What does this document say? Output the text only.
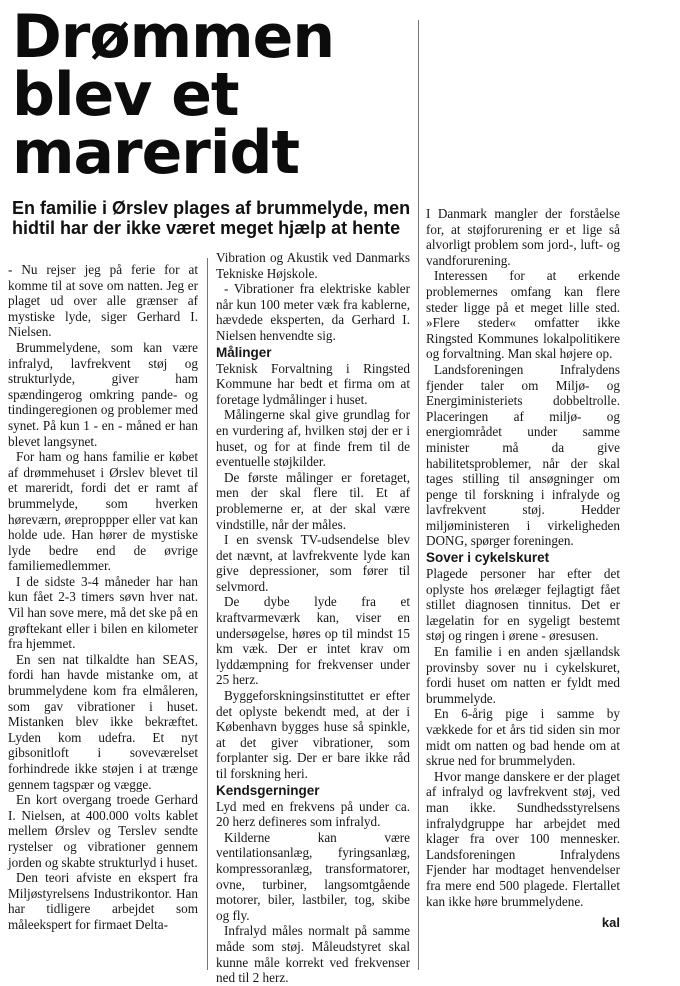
Drømmen
blev et
mareridt
En familie i Ørslev plages af brummelyde, men hidtil har der ikke været meget hjælp at hente

- Nu rejser jeg på ferie for at komme til at sove om natten. Jeg er plaget ud over alle grænser af mystiske lyde, siger Gerhard I. Nielsen.

Brummelydene, som kan være infralyd, lavfrekvent støj og strukturlyde, giver ham spændingerog omkring pande- og tindingeregionen og problemer med synet. På kun 1 - en - måned er han blevet langsynet.

For ham og hans familie er købet af drømmehuset i Ørslev blevet til et mareridt, fordi det er ramt af brummelyde, som hverken høreværn, øreproppper eller vat kan holde ude. Han hører de mystiske lyde bedre end de øvrige familiemedlemmer.

I de sidste 3-4 måneder har han kun fået 2-3 timers søvn hver nat. Vil han sove mere, må det ske på en grøftekant eller i bilen en kilometer fra hjemmet.

En sen nat tilkaldte han SEAS, fordi han havde mistanke om, at brummelydene kom fra elmåleren, som gav vibrationer i huset. Mistanken blev ikke bekræftet. Lyden kom udefra. Et nyt gibsonitloft i soveværelset forhindrede ikke støjen i at trænge gennem tagspær og vægge.

En kort overgang troede Gerhard I. Nielsen, at 400.000 volts kablet mellem Ørslev og Terslev sendte rystelser og vibrationer gennem jorden og skabte strukturlyd i huset.

Den teori afviste en ekspert fra Miljøstyrelsens Industrikontor. Han har tidligere arbejdet som måleekspert for firmaet Delta-

Vibration og Akustik ved Danmarks Tekniske Højskole.

- Vibrationer fra elektriske kabler når kun 100 meter væk fra kablerne, hævdede eksperten, da Gerhard I. Nielsen henvendte sig.

Målinger

Teknisk Forvaltning i Ringsted Kommune har bedt et firma om at foretage lydmålinger i huset.

Målingerne skal give grundlag for en vurdering af, hvilken støj der er i huset, og for at finde frem til de eventuelle støjkilder.

De første målinger er foretaget, men der skal flere til. Et af problemerne er, at der skal være vindstille, når der måles.

I en svensk TV-udsendelse blev det nævnt, at lavfrekvente lyde kan give depressioner, som fører til selvmord.

De dybe lyde fra et kraftvarmeværk kan, viser en undersøgelse, høres op til mindst 15 km væk. Der er intet krav om lyddæmpning for frekvenser under 25 herz.

Byggeforskningsinstituttet er efter det oplyste bekendt med, at der i København bygges huse så spinkle, at det giver vibrationer, som forplanter sig. Der er bare ikke råd til forskning heri.

Kendsgerninger

Lyd med en frekvens på under ca. 20 herz defineres som infralyd.

Kilderne kan være ventilationsanlæg, fyringsanlæg, kompressoranlæg, transformatorer, ovne, turbiner, langsomtgående motorer, biler, lastbiler, tog, skibe og fly.

Infralyd måles normalt på samme måde som støj. Måleudstyret skal kunne måle korrekt ved frekvenser ned til 2 herz.

I Danmark mangler der forståelse for, at støjforurening er et lige så alvorligt problem som jord-, luft- og vandforurening.

Interessen for at erkende problemernes omfang kan flere steder ligge på et meget lille sted. »Flere steder« omfatter ikke Ringsted Kommunes lokalpolitikere og forvaltning. Man skal højere op.

Landsforeningen Infralydens fjender taler om Miljø- og Energiministeriets dobbeltrolle. Placeringen af miljø- og energiområdet under samme minister må da give habilitetsproblemer, når der skal tages stilling til ansøgninger om penge til forskning i infralyde og lavfrekvent støj. Hedder miljøministeren i virkeligheden DONG, spørger foreningen.

Sover i cykelskuret

Plagede personer har efter det oplyste hos ørelæger fejlagtigt fået stillet diagnosen tinnitus. Det er lægelatin for en sygeligt bestemt støj og ringen i ørene - øresusen.

En familie i en anden sjællandsk provinsby sover nu i cykelskuret, fordi huset om natten er fyldt med brummelyde.

En 6-årig pige i samme by vækkede for et års tid siden sin mor midt om natten og bad hende om at skrue ned for brummelyden.

Hvor mange danskere er der plaget af infralyd og lavfrekvent støj, ved man ikke. Sundhedsstyrelsens infralydgruppe har arbejdet med klager fra over 100 mennesker. Landsforeningen Infralydens Fjender har modtaget henvendelser fra mere end 500 plagede. Flertallet kan ikke høre brummelydene.

kal
